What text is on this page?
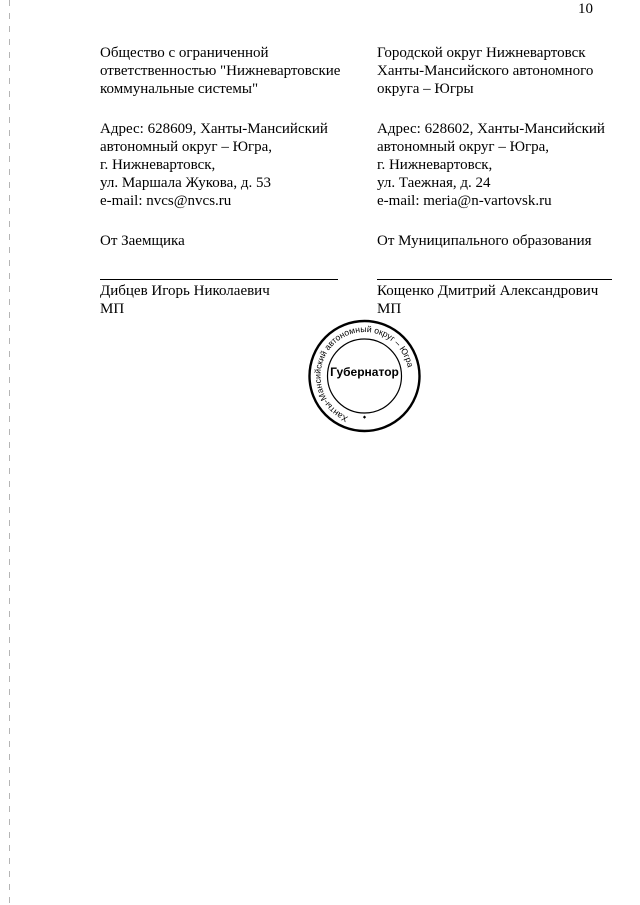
10
Общество с ограниченной
ответственностью "Нижневартовские
коммунальные системы"
Адрес: 628609, Ханты-Мансийский
автономный округ – Югра,
г. Нижневартовск,
ул. Маршала Жукова, д. 53
e-mail: nvcs@nvcs.ru
От Заемщика
Дибцев Игорь Николаевич
МП
Городской округ Нижневартовск
Ханты-Мансийского автономного
округа – Югры
Адрес: 628602, Ханты-Мансийский
автономный округ – Югра,
г. Нижневартовск,
ул. Таежная, д. 24
e-mail: meria@n-vartovsk.ru
От Муниципального образования
Кощенко Дмитрий Александрович
МП
Ханты-Мансийский автономный округ – Югра
Губернатор
